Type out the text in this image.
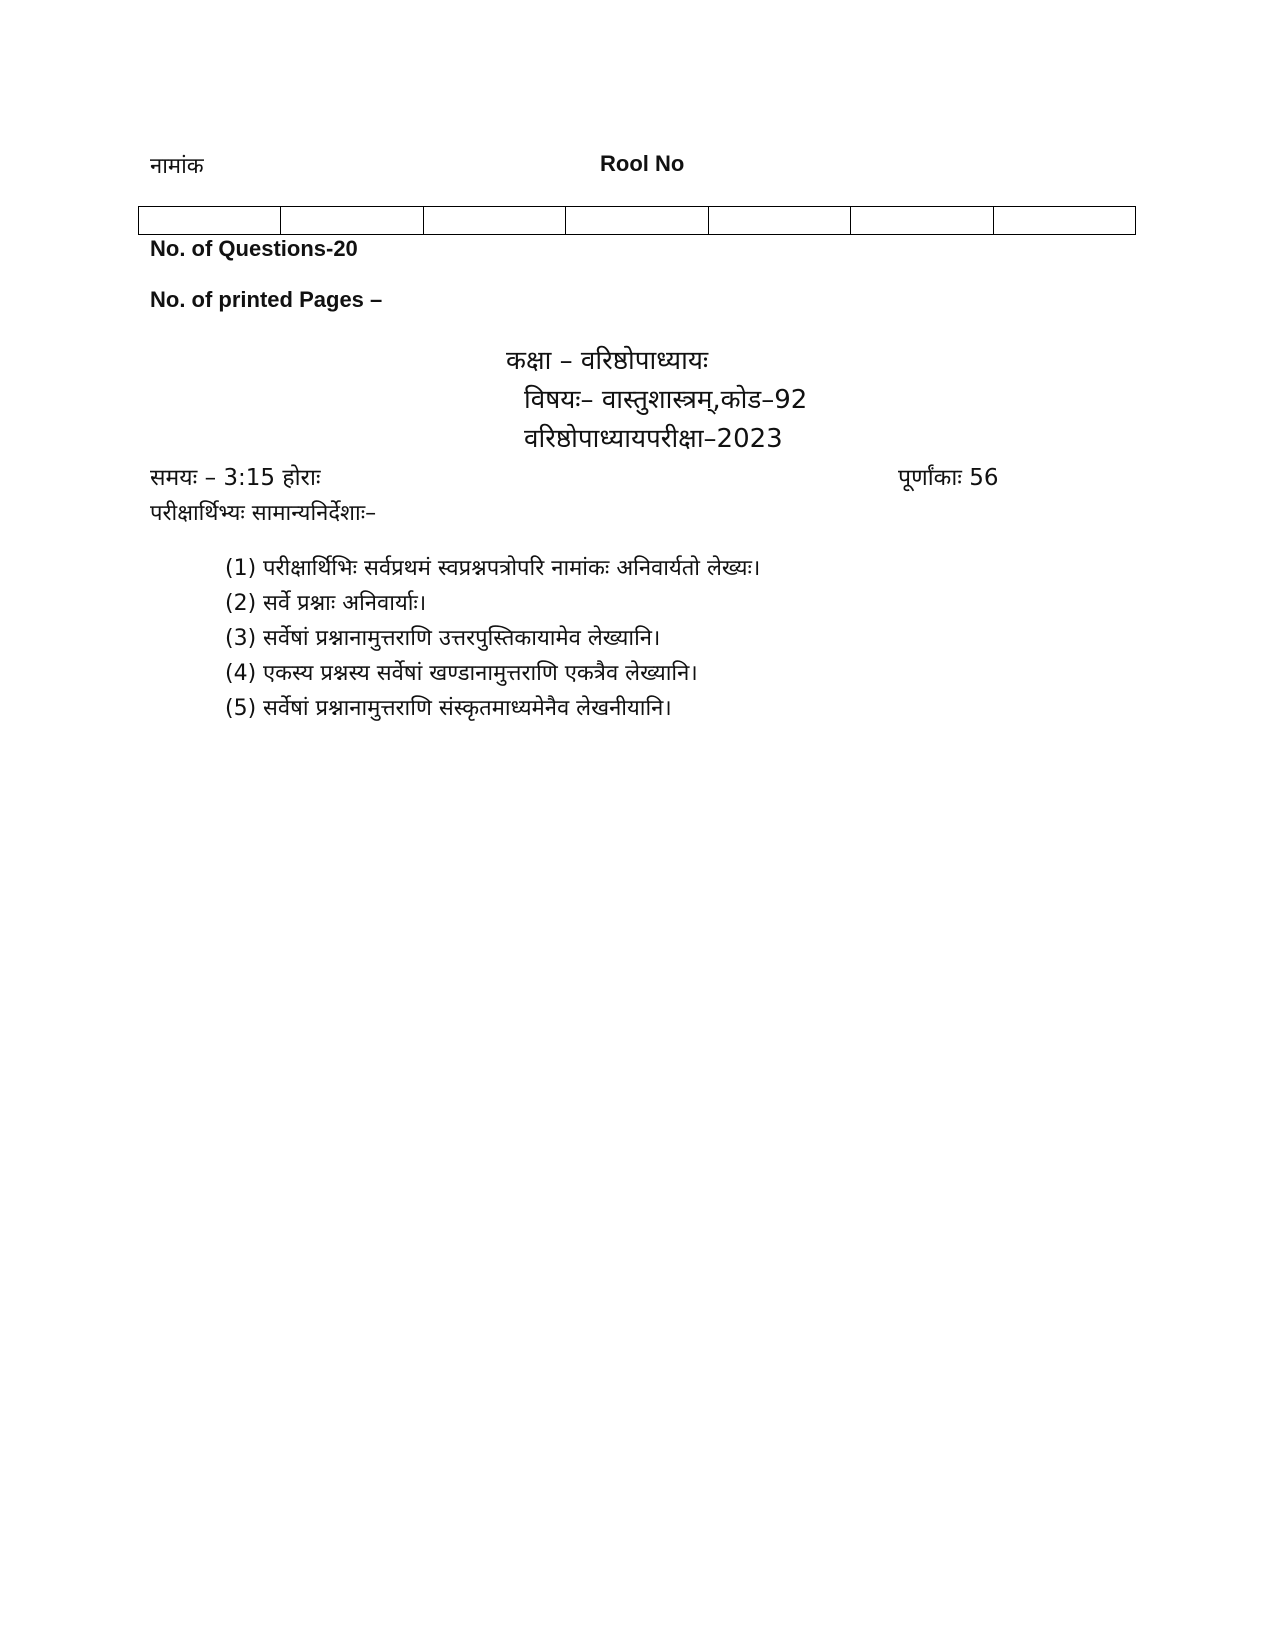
नामांक	Rool No
No. of Questions-20
No. of printed Pages –
कक्षा – वरिष्ठोपाध्यायः
विषयः– वास्तुशास्त्रम्,कोड–92
वरिष्ठोपाध्यायपरीक्षा–2023
समयः – 3:15 होराः	पूर्णांकाः 56
परीक्षार्थिभ्यः सामान्यनिर्देशाः–
(1) परीक्षार्थिभिः सर्वप्रथमं स्वप्रश्नपत्रोपरि नामांकः अनिवार्यतो लेख्यः।
(2) सर्वे प्रश्नाः अनिवार्याः।
(3) सर्वेषां प्रश्नानामुत्तराणि उत्तरपुस्तिकायामेव लेख्यानि।
(4) एकस्य प्रश्नस्य सर्वेषां खण्डानामुत्तराणि एकत्रैव लेख्यानि।
(5) सर्वेषां प्रश्नानामुत्तराणि संस्कृतमाध्यमेनैव लेखनीयानि।
